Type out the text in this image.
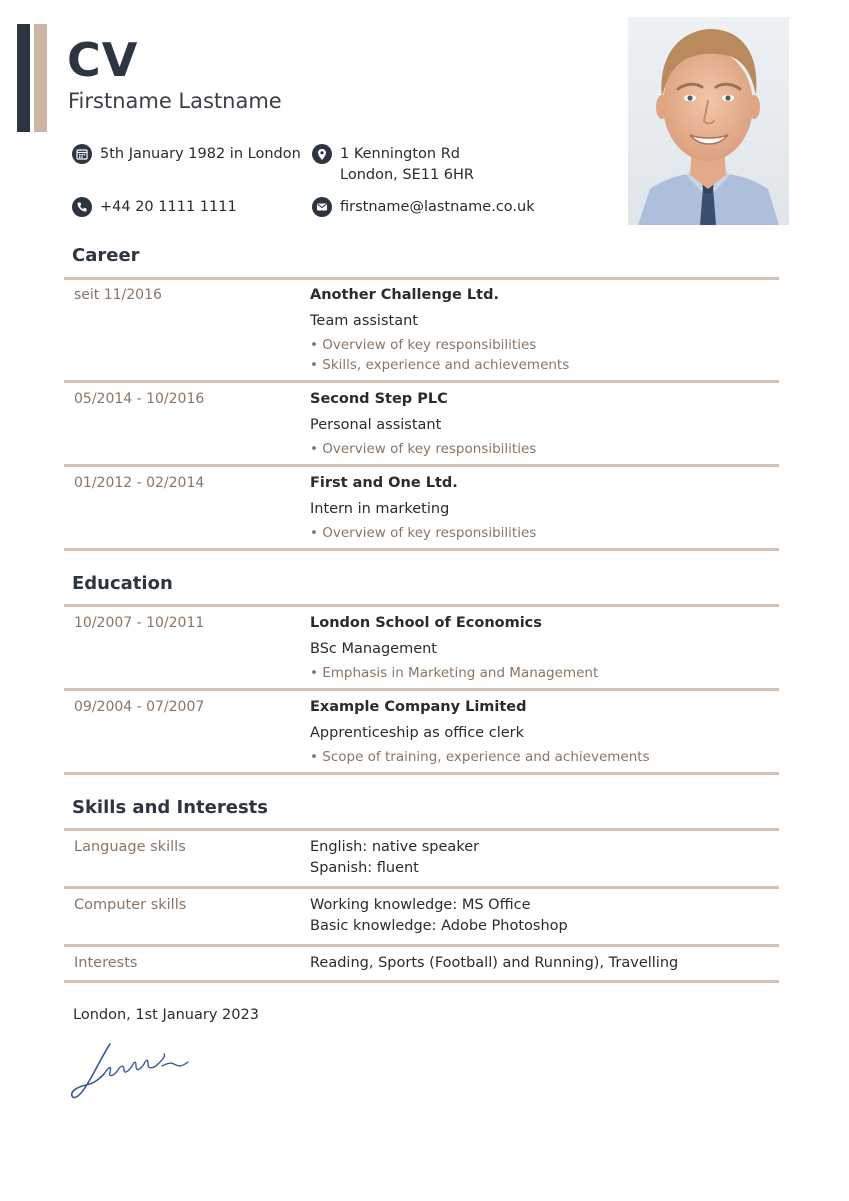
CV
Firstname Lastname
5th January 1982 in London	1 Kennington Rd
London, SE11 6HR
+44 20 1111 1111	firstname@lastname.co.uk
Career
seit 11/2016	Another Challenge Ltd.
Team assistant
• Overview of key responsibilities
• Skills, experience and achievements
05/2014 - 10/2016	Second Step PLC
Personal assistant
• Overview of key responsibilities
01/2012 - 02/2014	First and One Ltd.
Intern in marketing
• Overview of key responsibilities
Education
10/2007 - 10/2011	London School of Economics
BSc Management
• Emphasis in Marketing and Management
09/2004 - 07/2007	Example Company Limited
Apprenticeship as office clerk
• Scope of training, experience and achievements
Skills and Interests
Language skills	English: native speaker
Spanish: fluent
Computer skills	Working knowledge: MS Office
Basic knowledge: Adobe Photoshop
Interests	Reading, Sports (Football) and Running), Travelling
London, 1st January 2023
